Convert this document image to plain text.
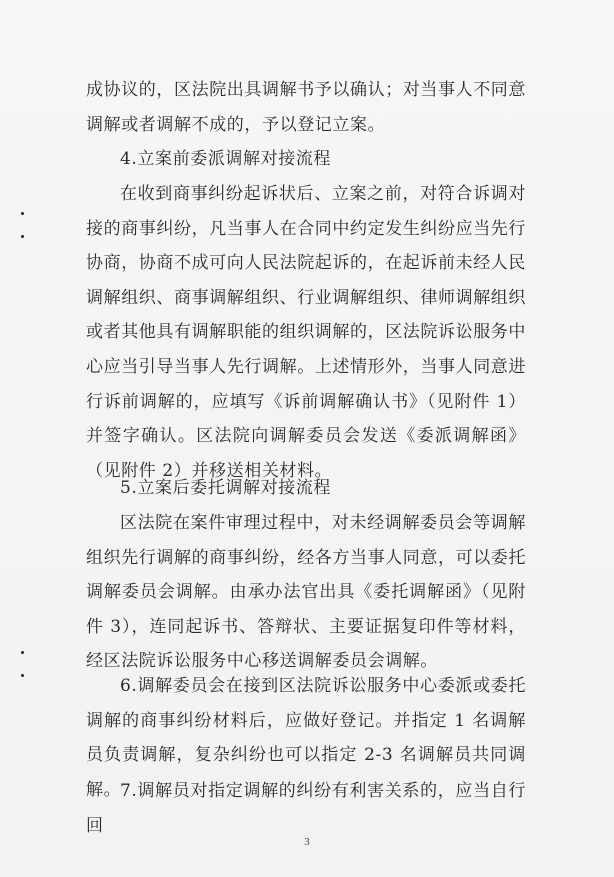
成协议的，区法院出具调解书予以确认；对当事人不同意调解或者调解不成的，予以登记立案。

4.立案前委派调解对接流程

在收到商事纠纷起诉状后、立案之前，对符合诉调对接的商事纠纷，凡当事人在合同中约定发生纠纷应当先行协商，协商不成可向人民法院起诉的，在起诉前未经人民调解组织、商事调解组织、行业调解组织、律师调解组织或者其他具有调解职能的组织调解的，区法院诉讼服务中心应当引导当事人先行调解。上述情形外，当事人同意进行诉前调解的，应填写《诉前调解确认书》（见附件 1）并签字确认。区法院向调解委员会发送《委派调解函》（见附件 2）并移送相关材料。

5.立案后委托调解对接流程

区法院在案件审理过程中，对未经调解委员会等调解组织先行调解的商事纠纷，经各方当事人同意，可以委托调解委员会调解。由承办法官出具《委托调解函》（见附件 3），连同起诉书、答辩状、主要证据复印件等材料，经区法院诉讼服务中心移送调解委员会调解。

6.调解委员会在接到区法院诉讼服务中心委派或委托调解的商事纠纷材料后，应做好登记。并指定 1 名调解员负责调解，复杂纠纷也可以指定 2-3 名调解员共同调解。

7.调解员对指定调解的纠纷有利害关系的，应当自行回

3
